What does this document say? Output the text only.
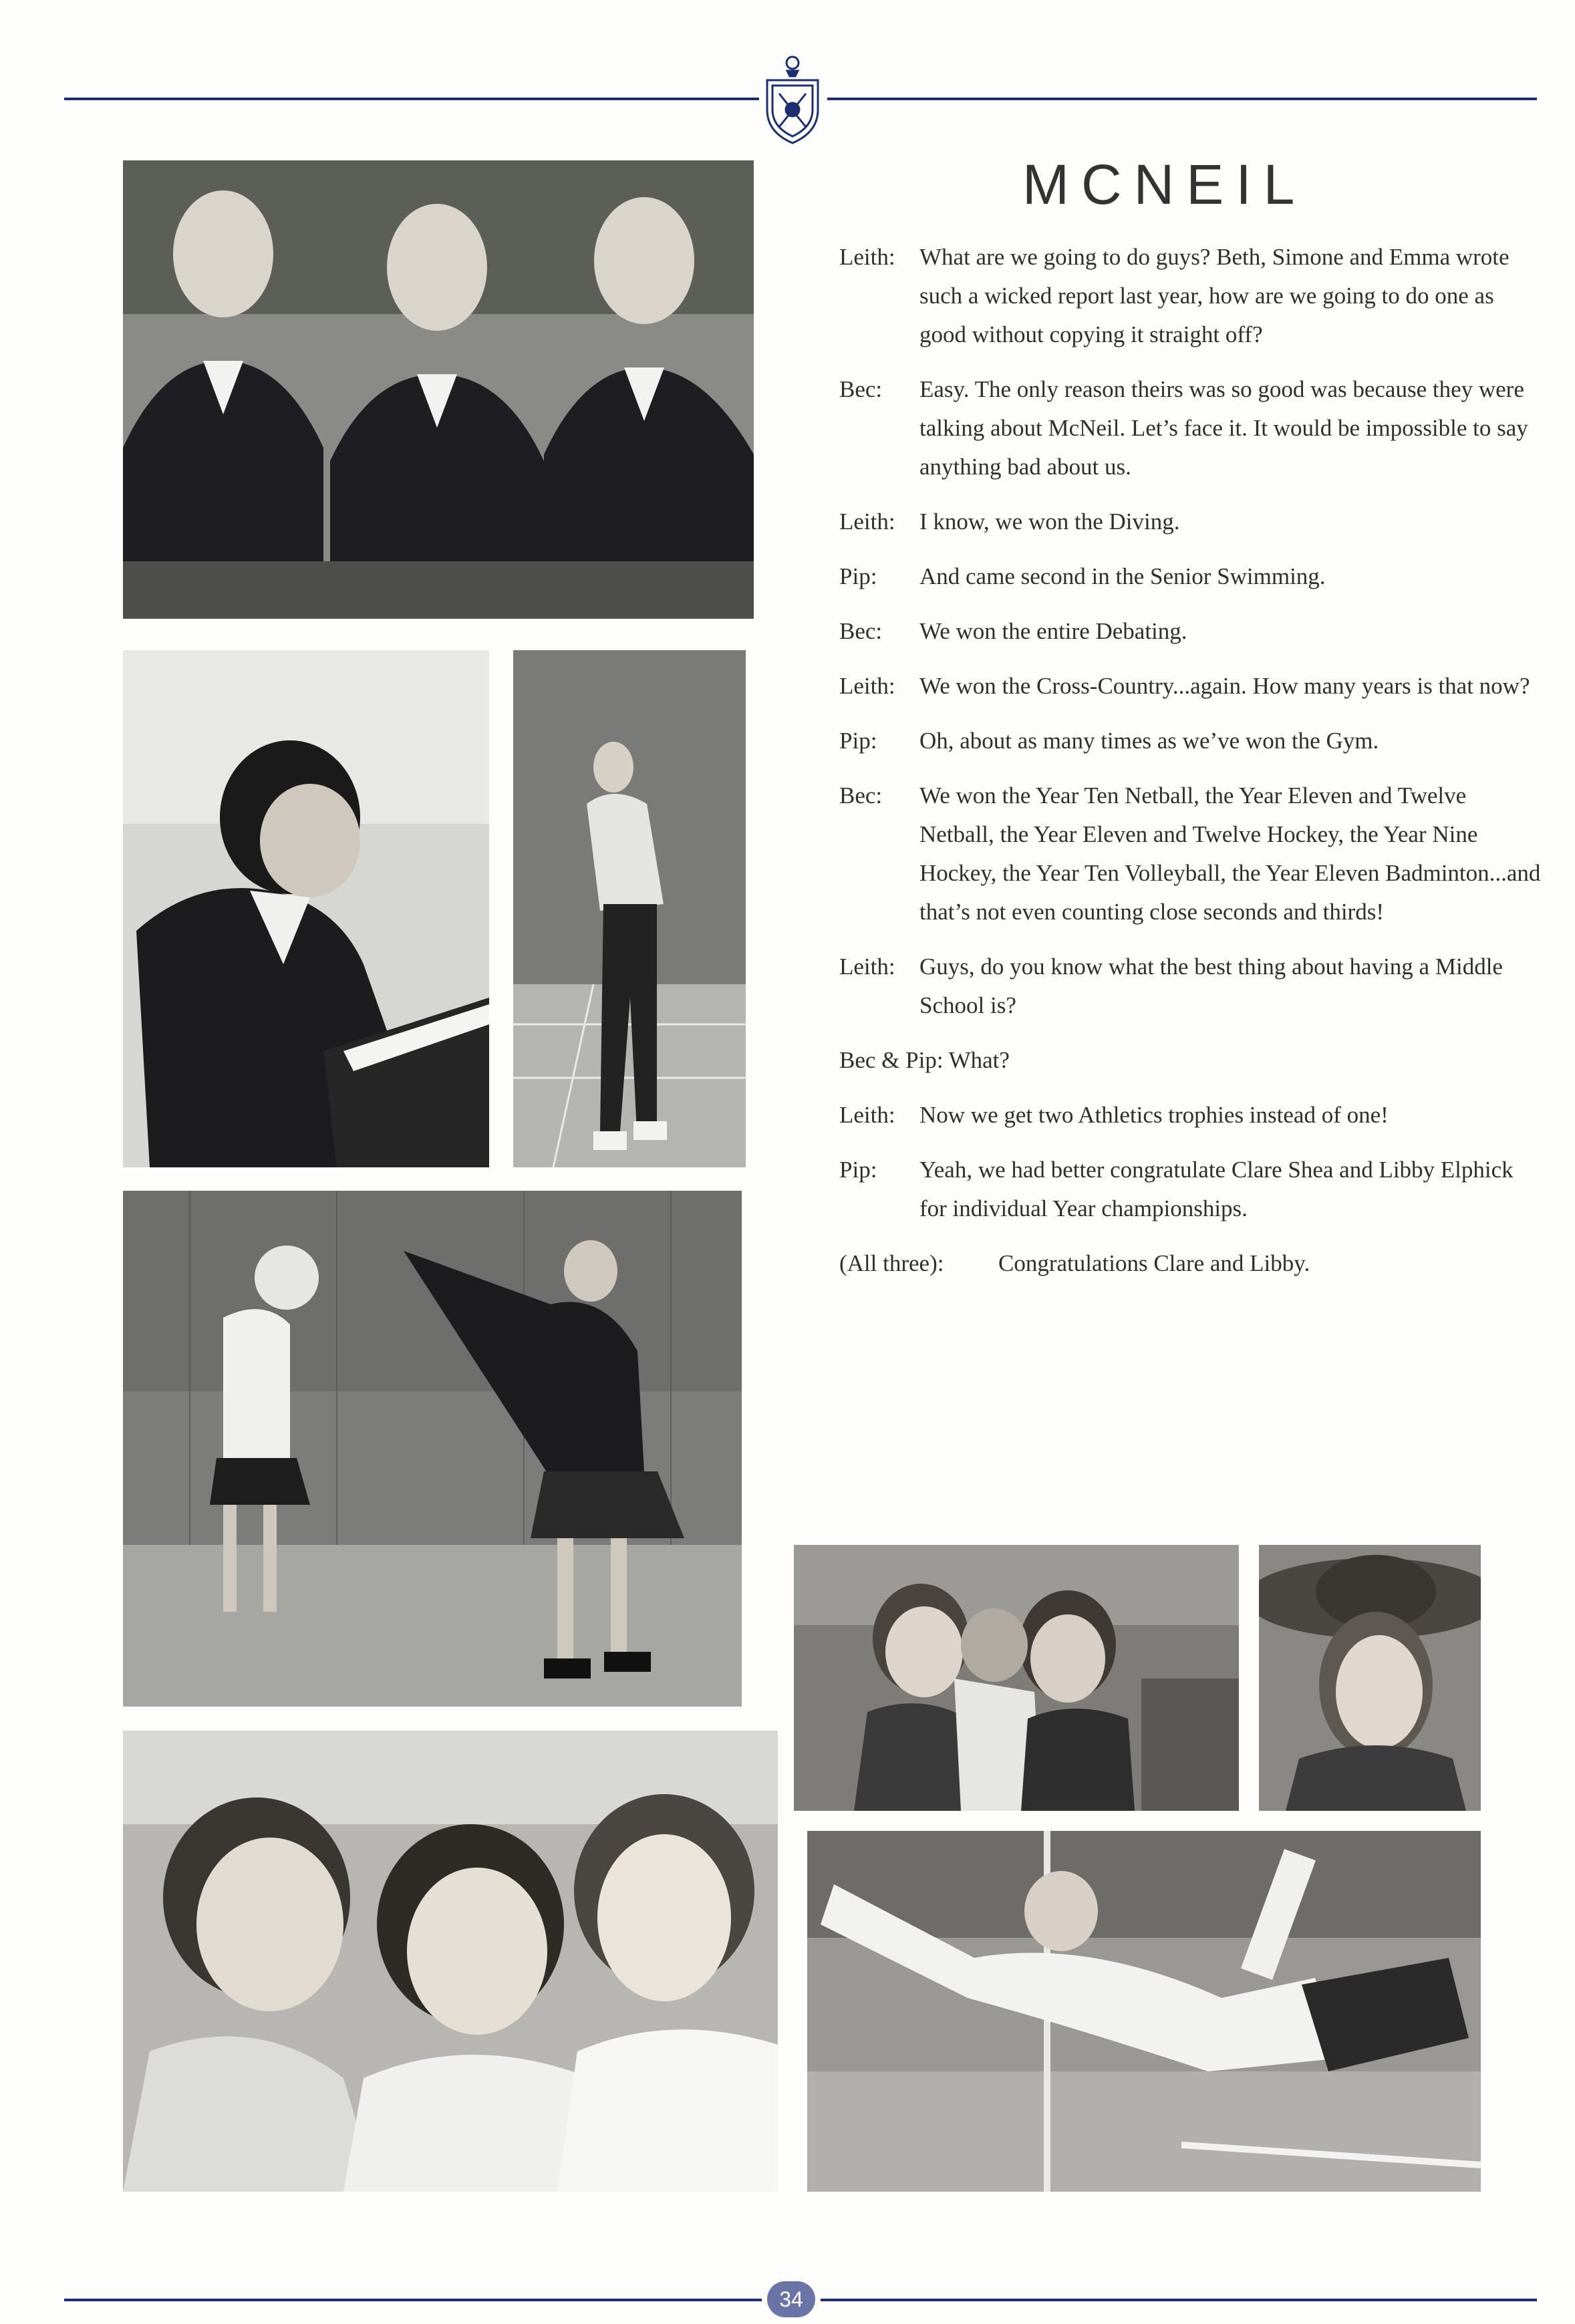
MCNEIL
Leith:	What are we going to do guys? Beth, Simone and Emma wrote such a wicked report last year, how are we going to do one as good without copying it straight off?
Bec:	Easy. The only reason theirs was so good was because they were talking about McNeil. Let’s face it. It would be impossible to say anything bad about us.
Leith:	I know, we won the Diving.
Pip:	And came second in the Senior Swimming.
Bec:	We won the entire Debating.
Leith:	We won the Cross-Country...again. How many years is that now?
Pip:	Oh, about as many times as we’ve won the Gym.
Bec:	We won the Year Ten Netball, the Year Eleven and Twelve Netball, the Year Eleven and Twelve Hockey, the Year Nine Hockey, the Year Ten Volleyball, the Year Eleven Badminton...and that’s not even counting close seconds and thirds!
Leith:	Guys, do you know what the best thing about having a Middle School is?
Bec & Pip: What?
Leith:	Now we get two Athletics trophies instead of one!
Pip:	Yeah, we had better congratulate Clare Shea and Libby Elphick for individual Year championships.
(All three):	Congratulations Clare and Libby.
34
